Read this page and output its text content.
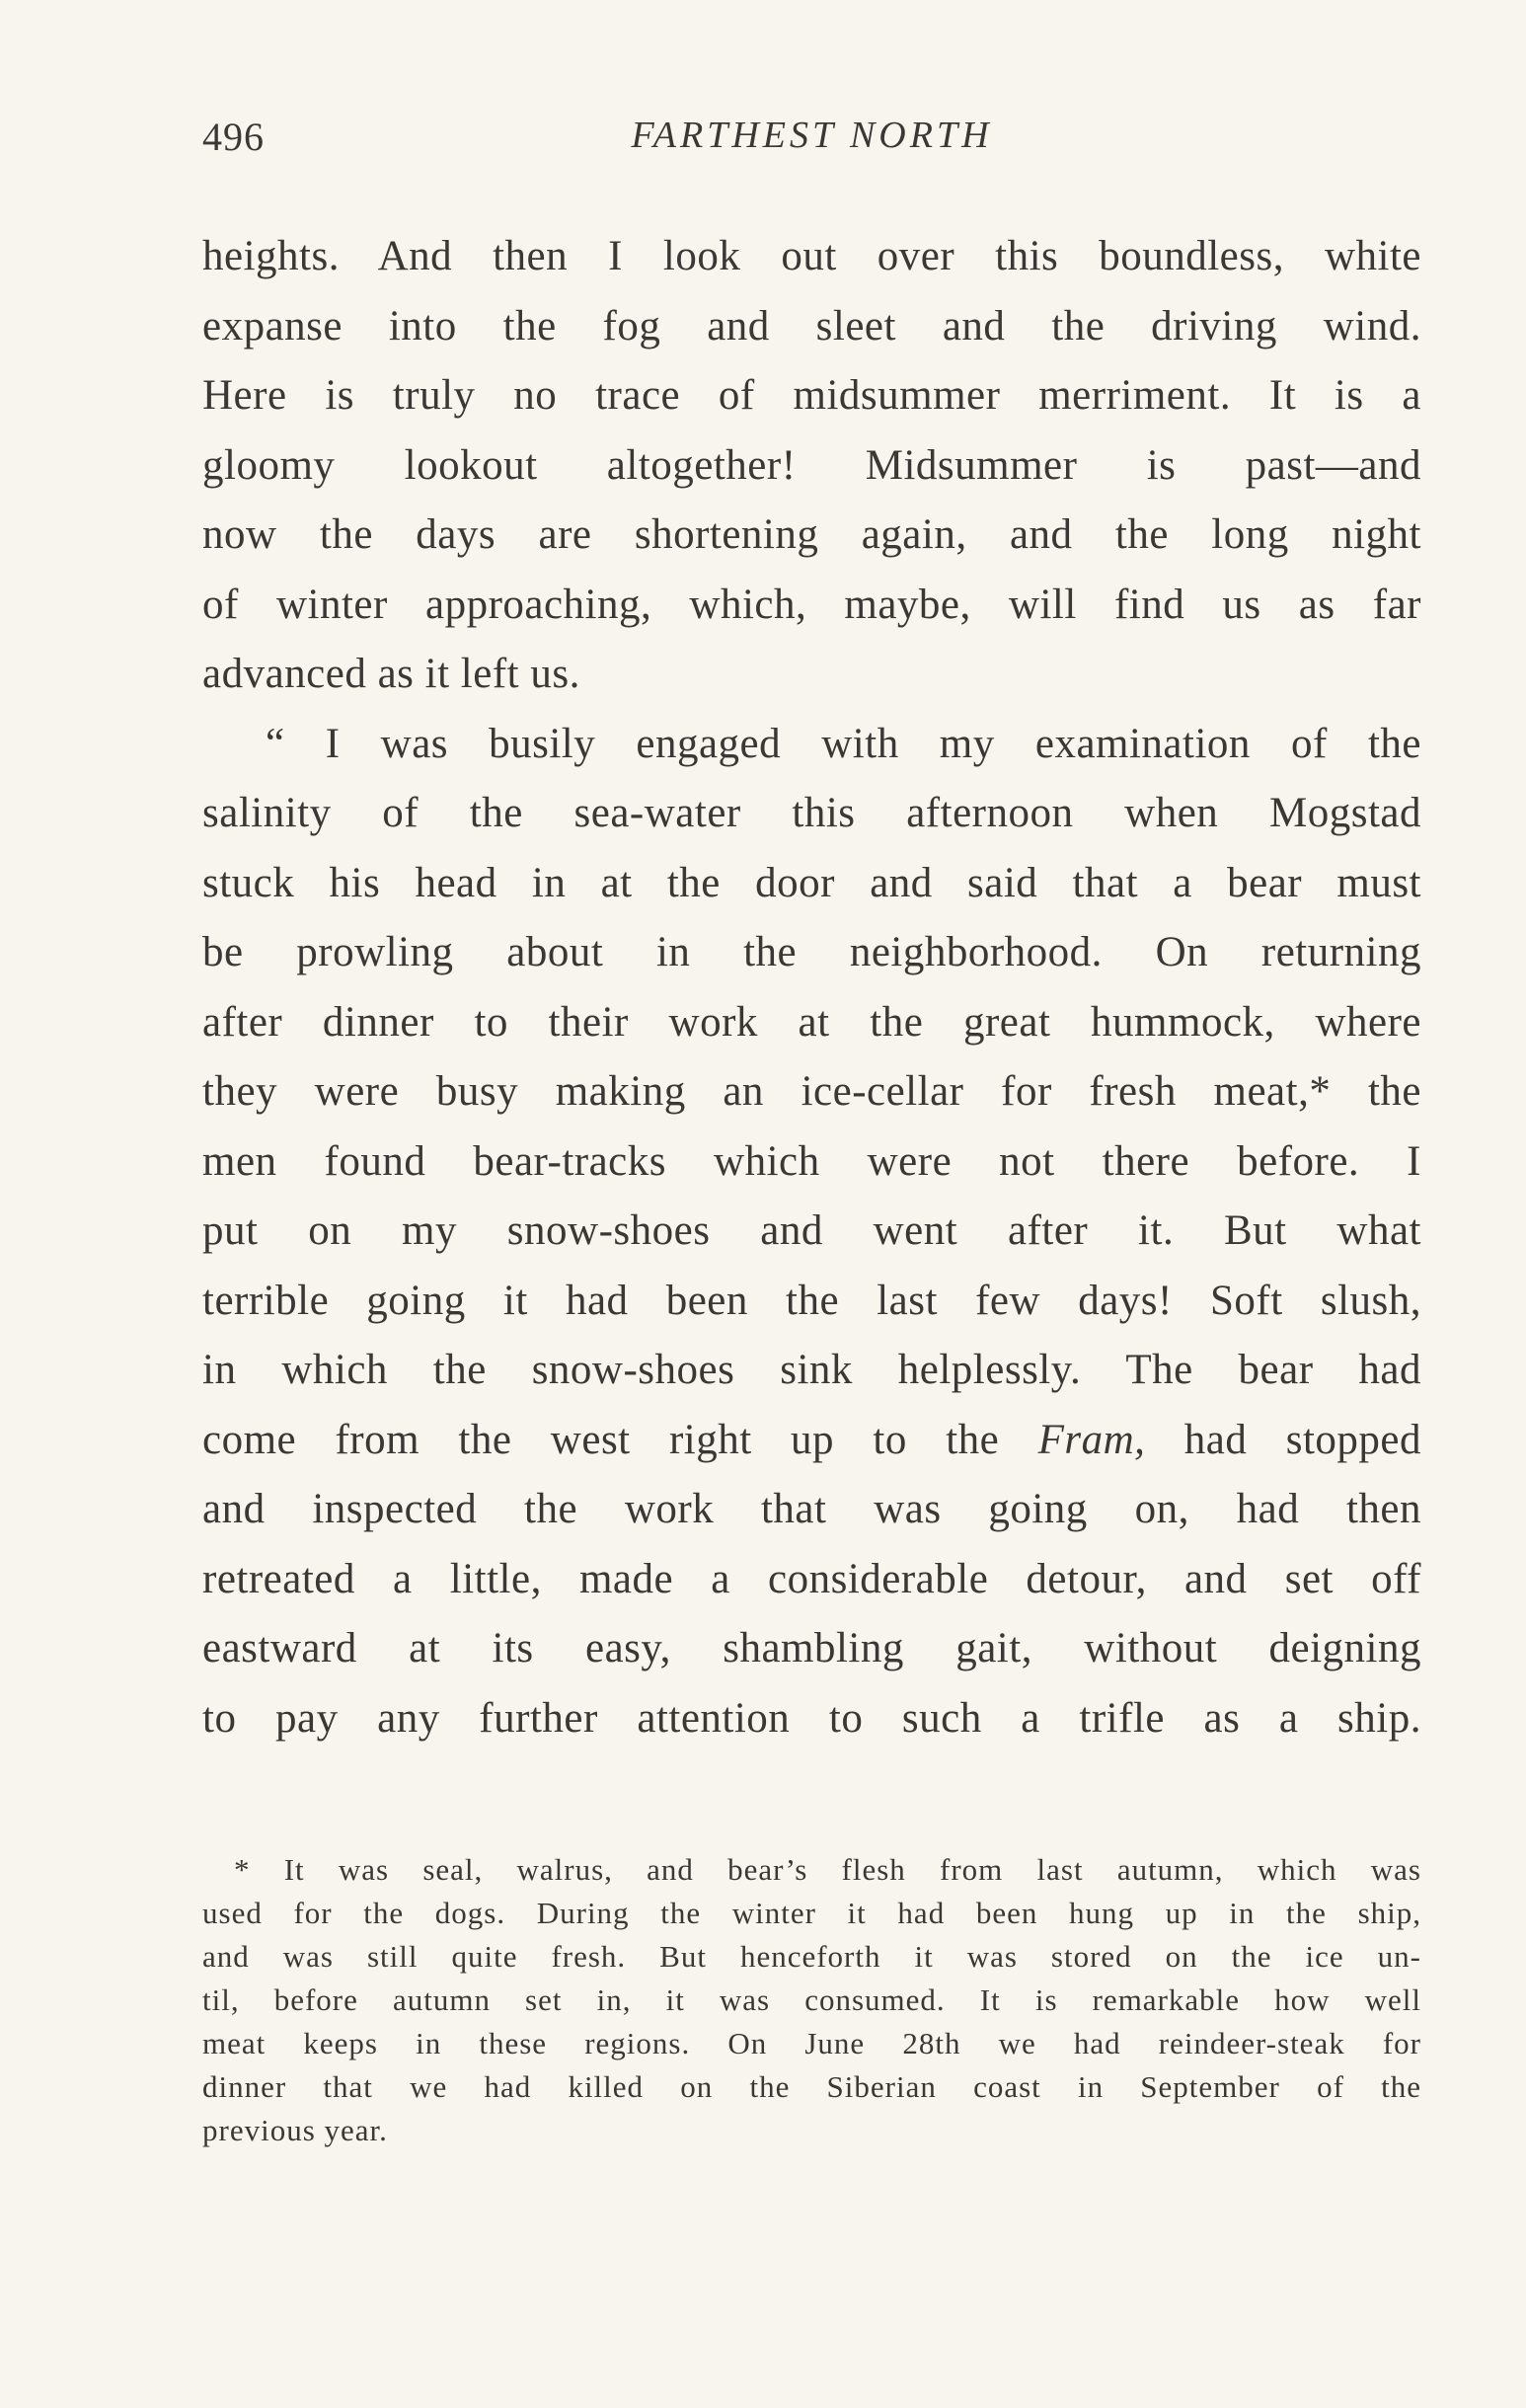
496	FARTHEST NORTH
heights. And then I look out over this boundless, white
expanse into the fog and sleet and the driving wind.
Here is truly no trace of midsummer merriment. It is a
gloomy lookout altogether! Midsummer is past—and
now the days are shortening again, and the long night
of winter approaching, which, maybe, will find us as far
advanced as it left us.
“ I was busily engaged with my examination of the
salinity of the sea-water this afternoon when Mogstad
stuck his head in at the door and said that a bear must
be prowling about in the neighborhood. On returning
after dinner to their work at the great hummock, where
they were busy making an ice-cellar for fresh meat,* the
men found bear-tracks which were not there before. I
put on my snow-shoes and went after it. But what
terrible going it had been the last few days! Soft slush,
in which the snow-shoes sink helplessly. The bear had
come from the west right up to the Fram, had stopped
and inspected the work that was going on, had then
retreated a little, made a considerable detour, and set off
eastward at its easy, shambling gait, without deigning
to pay any further attention to such a trifle as a ship.
* It was seal, walrus, and bear’s flesh from last autumn, which was
used for the dogs. During the winter it had been hung up in the ship,
and was still quite fresh. But henceforth it was stored on the ice un-
til, before autumn set in, it was consumed. It is remarkable how well
meat keeps in these regions. On June 28th we had reindeer-steak for
dinner that we had killed on the Siberian coast in September of the
previous year.
